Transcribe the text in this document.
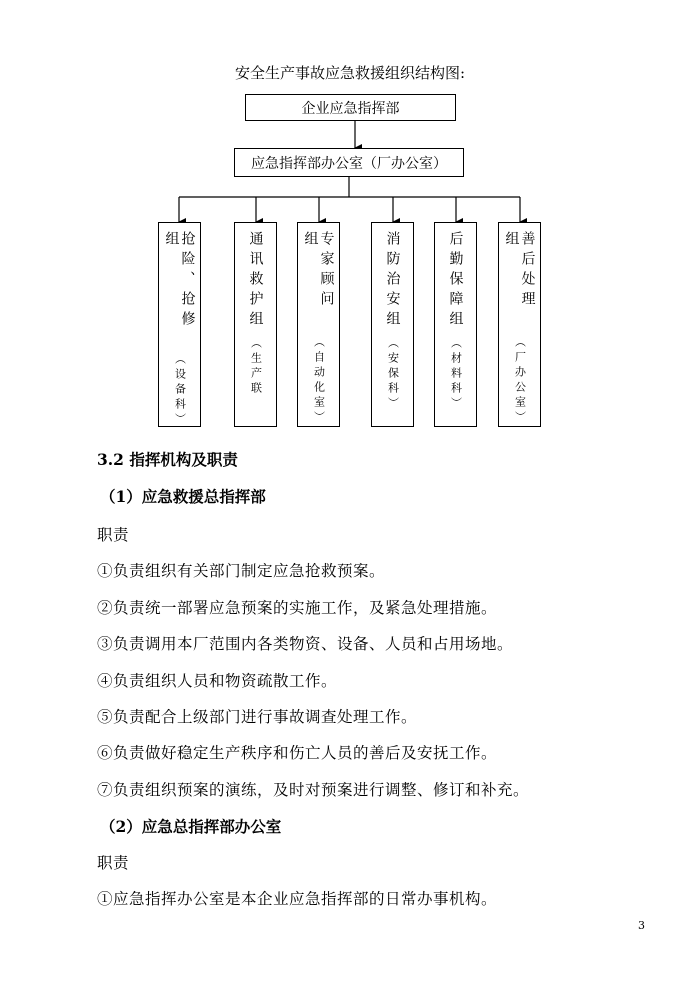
安全生产事故应急救援组织结构图:
企业应急指挥部
应急指挥部办公室（厂办公室）
抢险、抢修组
（设备科）
通讯救护组
（生产联
专家顾问组
（自动化室）
消防治安组
（安保科）
后勤保障组
（材料科）
善后处理组
（厂办公室）
3.2 指挥机构及职责
（1）应急救援总指挥部
职责
①负责组织有关部门制定应急抢救预案。
②负责统一部署应急预案的实施工作，及紧急处理措施。
③负责调用本厂范围内各类物资、设备、人员和占用场地。
④负责组织人员和物资疏散工作。
⑤负责配合上级部门进行事故调查处理工作。
⑥负责做好稳定生产秩序和伤亡人员的善后及安抚工作。
⑦负责组织预案的演练，及时对预案进行调整、修订和补充。
（2）应急总指挥部办公室
职责
①应急指挥办公室是本企业应急指挥部的日常办事机构。
3
